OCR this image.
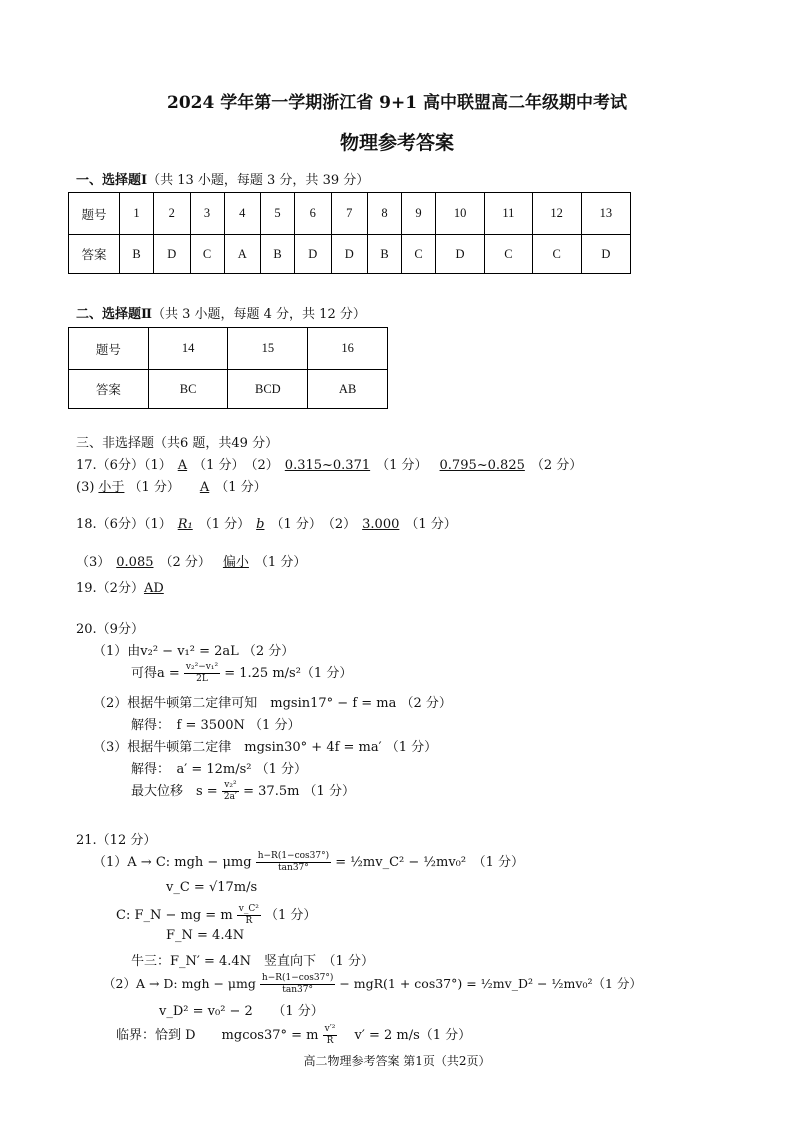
2024 学年第一学期浙江省 9+1 高中联盟高二年级期中考试
物理参考答案
一、选择题Ⅰ（共 13 小题，每题 3 分，共 39 分）
题号	1	2	3	4	5	6	7	8	9	10	11	12	13
答案	B	D	C	A	B	D	D	B	C	D	C	C	D
二、选择题Ⅱ（共 3 小题，每题 4 分，共 12 分）
题号	14	15	16
答案	BC	BCD	AB
三、非选择题（共6 题，共49 分）
17.（6分）（1） A （1 分）　（2） 0.315~0.371 （1 分） 0.795~0.825 （2 分）
(3) 小于 （1 分） A （1 分）
18.（6分）（1） R₁ （1 分） b （1 分）　（2） 3.000 （1 分）
（3） 0.085 （2 分） 偏小 （1 分）
19.（2分）AD
20.（9分）
（1）由v₂² − v₁² = 2aL （2 分）
可得$a = \frac{\text{v₂²−v₁²}}{2L} = 1.25$ m/s²（1 分）
（2）根据牛顿第二定律可知　mgsin17° − f = ma （2 分）
解得：　f = 3500N （1 分）
（3）根据牛顿第二定律　mgsin30° + 4f = ma′ （1 分）
解得：　a′ = 12m/s² （1 分）
最大位移　$s = \frac{\text{v₂²}}{2a'} = 37.5m$ （1 分）
21.（12 分）
（1）A → C: mgh − μmg $\frac{h-R(1-\cos 37^\circ)}{\tan 37^\circ}$ = ½mv_C² − ½mv₀²　（1 分）
v_C = √17m/s
C: F_N − mg = m $\frac{\text{v\_C²}}{R} (1$ 分）
F_N = 4.4N
牛三：F_N′ = 4.4N　竖直向下　（1 分）
（2）A → D: mgh − μmg $\frac{h-R(1-\cos 37^\circ)}{\tan 37^\circ} - mgR(1 + \cos 37^\circ)$ = ½mv_D² − ½mv₀²（1 分）
v_D² = v₀² − 2　　（1 分）
临界：恰到 D　　mgcos37° = m $\frac{\text{v′²}}{R}$ 　v′ = 2 m/s（1 分）
高二物理参考答案 第1页（共2页）
